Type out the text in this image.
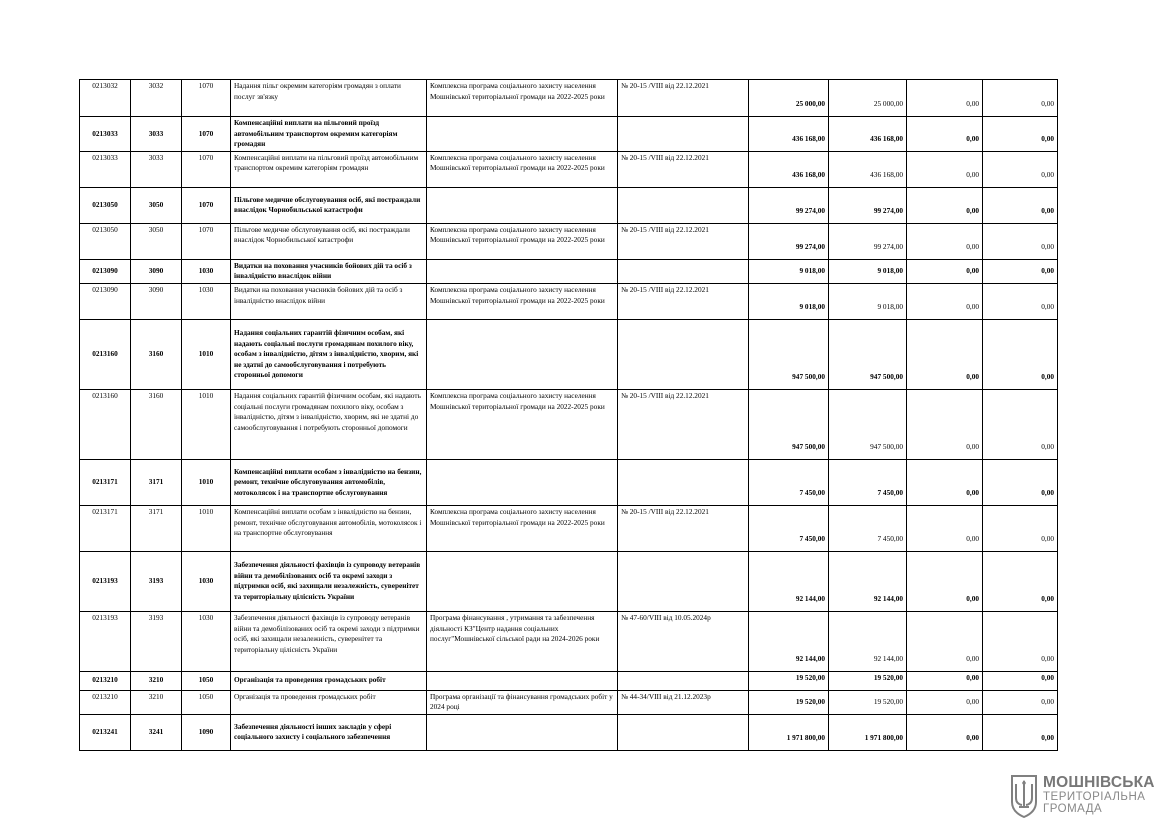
0213032	3032	1070	Надання пільг окремим категоріям громадян з оплати послуг зв'язку	Комплексна програма соціального захисту населення Мошнівської територіальної громади на 2022-2025 роки	№ 20-15 /VIII від 22.12.2021	25 000,00	25 000,00	0,00	0,00
0213033	3033	1070	Компенсаційні виплати на пільговий проїзд автомобільним транспортом окремим категоріям громадян			436 168,00	436 168,00	0,00	0,00
0213033	3033	1070	Компенсаційні виплати на пільговий проїзд автомобільним транспортом окремим категоріям громадян	Комплексна програма соціального захисту населення Мошнівської територіальної громади на 2022-2025 роки	№ 20-15 /VIII від 22.12.2021	436 168,00	436 168,00	0,00	0,00
0213050	3050	1070	Пільгове медичне обслуговування осіб, які постраждали внаслідок Чорнобильської катастрофи			99 274,00	99 274,00	0,00	0,00
0213050	3050	1070	Пільгове медичне обслуговування осіб, які постраждали внаслідок Чорнобильської катастрофи	Комплексна програма соціального захисту населення Мошнівської територіальної громади на 2022-2025 роки	№ 20-15 /VIII від 22.12.2021	99 274,00	99 274,00	0,00	0,00
0213090	3090	1030	Видатки на поховання учасників бойових дій та осіб з інвалідністю внаслідок війни			9 018,00	9 018,00	0,00	0,00
0213090	3090	1030	Видатки на поховання учасників бойових дій та осіб з інвалідністю внаслідок війни	Комплексна програма соціального захисту населення Мошнівської територіальної громади на 2022-2025 роки	№ 20-15 /VIII від 22.12.2021	9 018,00	9 018,00	0,00	0,00
0213160	3160	1010	Надання соціальних гарантій фізичним особам, які надають соціальні послуги громадянам похилого віку, особам з інвалідністю, дітям з інвалідністю, хворим, які не здатні до самообслуговування і потребують сторонньої допомоги			947 500,00	947 500,00	0,00	0,00
0213160	3160	1010	Надання соціальних гарантій фізичним особам, які надають соціальні послуги громадянам похилого віку, особам з інвалідністю, дітям з інвалідністю, хворим, які не здатні до самообслуговування і потребують сторонньої допомоги	Комплексна програма соціального захисту населення Мошнівської територіальної громади на 2022-2025 роки	№ 20-15 /VIII від 22.12.2021	947 500,00	947 500,00	0,00	0,00
0213171	3171	1010	Компенсаційні виплати особам з інвалідністю на бензин, ремонт, технічне обслуговування автомобілів, мотоколясок і на транспортне обслуговування			7 450,00	7 450,00	0,00	0,00
0213171	3171	1010	Компенсаційні виплати особам з інвалідністю на бензин, ремонт, технічне обслуговування автомобілів, мотоколясок і на транспортне обслуговування	Комплексна програма соціального захисту населення Мошнівської територіальної громади на 2022-2025 роки	№ 20-15 /VIII від 22.12.2021	7 450,00	7 450,00	0,00	0,00
0213193	3193	1030	Забезпечення діяльності фахівців із супроводу ветеранів війни та демобілізованих осіб та окремі заходи з підтримки осіб, які захищали незалежність, суверенітет та територіальну цілісність України			92 144,00	92 144,00	0,00	0,00
0213193	3193	1030	Забезпечення діяльності фахівців із супроводу ветеранів війни та демобілізованих осіб та окремі заходи з підтримки осіб, які захищали незалежність, суверенітет та територіальну цілісність України	Програма фінансування , утримання та забезпечення діяльності КЗ"Центр надання соціальних послуг"Мошнівської сільської ради на 2024-2026 роки	№ 47-60/VIII від 10.05.2024р	92 144,00	92 144,00	0,00	0,00
0213210	3210	1050	Організація та проведення громадських робіт			19 520,00	19 520,00	0,00	0,00
0213210	3210	1050	Організація та проведення громадських робіт	Програма організації та фінансування громадських робіт у 2024 році	№ 44-34/VIII від 21.12.2023р	19 520,00	19 520,00	0,00	0,00
0213241	3241	1090	Забезпечення діяльності інших закладів у сфері соціального захисту і соціального забезпечення			1 971 800,00	1 971 800,00	0,00	0,00
МОШНІВСЬКА
ТЕРИТОРІАЛЬНА
ГРОМАДА
